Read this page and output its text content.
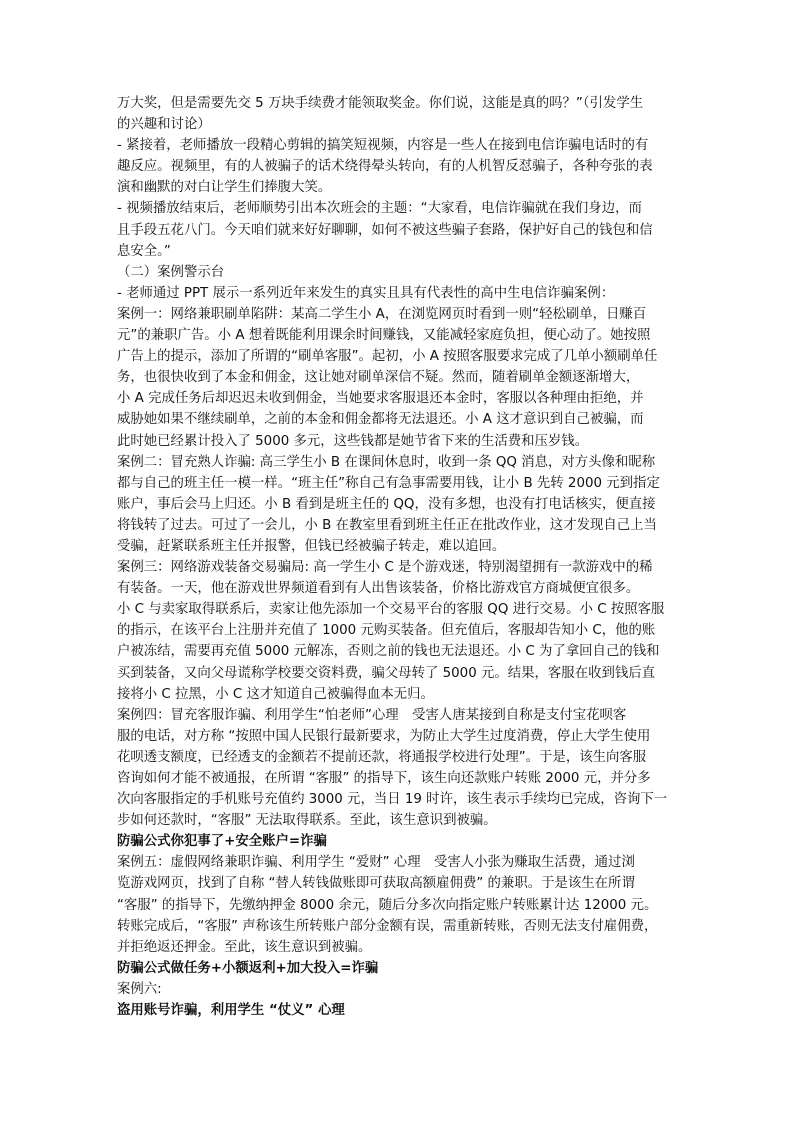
万大奖，但是需要先交 5 万块手续费才能领取奖金。你们说，这能是真的吗？”（引发学生

的兴趣和讨论）

- 紧接着，老师播放一段精心剪辑的搞笑短视频，内容是一些人在接到电信诈骗电话时的有

趣反应。视频里，有的人被骗子的话术绕得晕头转向，有的人机智反怼骗子，各种夸张的表

演和幽默的对白让学生们捧腹大笑。

- 视频播放结束后，老师顺势引出本次班会的主题：“大家看，电信诈骗就在我们身边，而

且手段五花八门。今天咱们就来好好聊聊，如何不被这些骗子套路，保护好自己的钱包和信

息安全。”

（二）案例警示台

- 老师通过 PPT 展示一系列近年来发生的真实且具有代表性的高中生电信诈骗案例：

案例一：网络兼职刷单陷阱：某高二学生小 A，在浏览网页时看到一则“轻松刷单，日赚百

元”的兼职广告。小 A 想着既能利用课余时间赚钱，又能减轻家庭负担，便心动了。她按照

广告上的提示，添加了所谓的“刷单客服”。起初，小 A 按照客服要求完成了几单小额刷单任

务，也很快收到了本金和佣金，这让她对刷单深信不疑。然而，随着刷单金额逐渐增大，

小 A 完成任务后却迟迟未收到佣金，当她要求客服退还本金时，客服以各种理由拒绝，并

威胁她如果不继续刷单，之前的本金和佣金都将无法退还。小 A 这才意识到自己被骗，而

此时她已经累计投入了 5000 多元，这些钱都是她节省下来的生活费和压岁钱。

案例二：冒充熟人诈骗: 高三学生小 B 在课间休息时，收到一条 QQ 消息，对方头像和昵称

都与自己的班主任一模一样。“班主任”称自己有急事需要用钱，让小 B 先转 2000 元到指定

账户，事后会马上归还。小 B 看到是班主任的 QQ，没有多想，也没有打电话核实，便直接

将钱转了过去。可过了一会儿，小 B 在教室里看到班主任正在批改作业，这才发现自己上当

受骗，赶紧联系班主任并报警，但钱已经被骗子转走，难以追回。

案例三：网络游戏装备交易骗局: 高一学生小 C 是个游戏迷，特别渴望拥有一款游戏中的稀

有装备。一天，他在游戏世界频道看到有人出售该装备，价格比游戏官方商城便宜很多。

小 C 与卖家取得联系后，卖家让他先添加一个交易平台的客服 QQ 进行交易。小 C 按照客服

的指示，在该平台上注册并充值了 1000 元购买装备。但充值后，客服却告知小 C，他的账

户被冻结，需要再充值 5000 元解冻，否则之前的钱也无法退还。小 C 为了拿回自己的钱和

买到装备，又向父母谎称学校要交资料费，骗父母转了 5000 元。结果，客服在收到钱后直

接将小 C 拉黑，小 C 这才知道自己被骗得血本无归。

案例四：冒充客服诈骗、利用学生“怕老师”心理　受害人唐某接到自称是支付宝花呗客

服的电话，对方称 “按照中国人民银行最新要求，为防止大学生过度消费，停止大学生使用

花呗透支额度，已经透支的金额若不提前还款，将通报学校进行处理”。于是，该生向客服

咨询如何才能不被通报，在所谓 “客服” 的指导下，该生向还款账户转账 2000 元，并分多

次向客服指定的手机账号充值约 3000 元，当日 19 时许，该生表示手续均已完成，咨询下一

步如何还款时，“客服” 无法取得联系。至此，该生意识到被骗。

防骗公式你犯事了+安全账户=诈骗

案例五：虚假网络兼职诈骗、利用学生 “爱财” 心理　受害人小张为赚取生活费，通过浏

览游戏网页，找到了自称 “替人转钱做账即可获取高额雇佣费” 的兼职。于是该生在所谓

“客服” 的指导下，先缴纳押金 8000 余元，随后分多次向指定账户转账累计达 12000 元。

转账完成后，“客服” 声称该生所转账户部分金额有误，需重新转账，否则无法支付雇佣费，

并拒绝返还押金。至此，该生意识到被骗。

防骗公式做任务+小额返利+加大投入=诈骗

案例六:

盗用账号诈骗，利用学生 “仗义” 心理
